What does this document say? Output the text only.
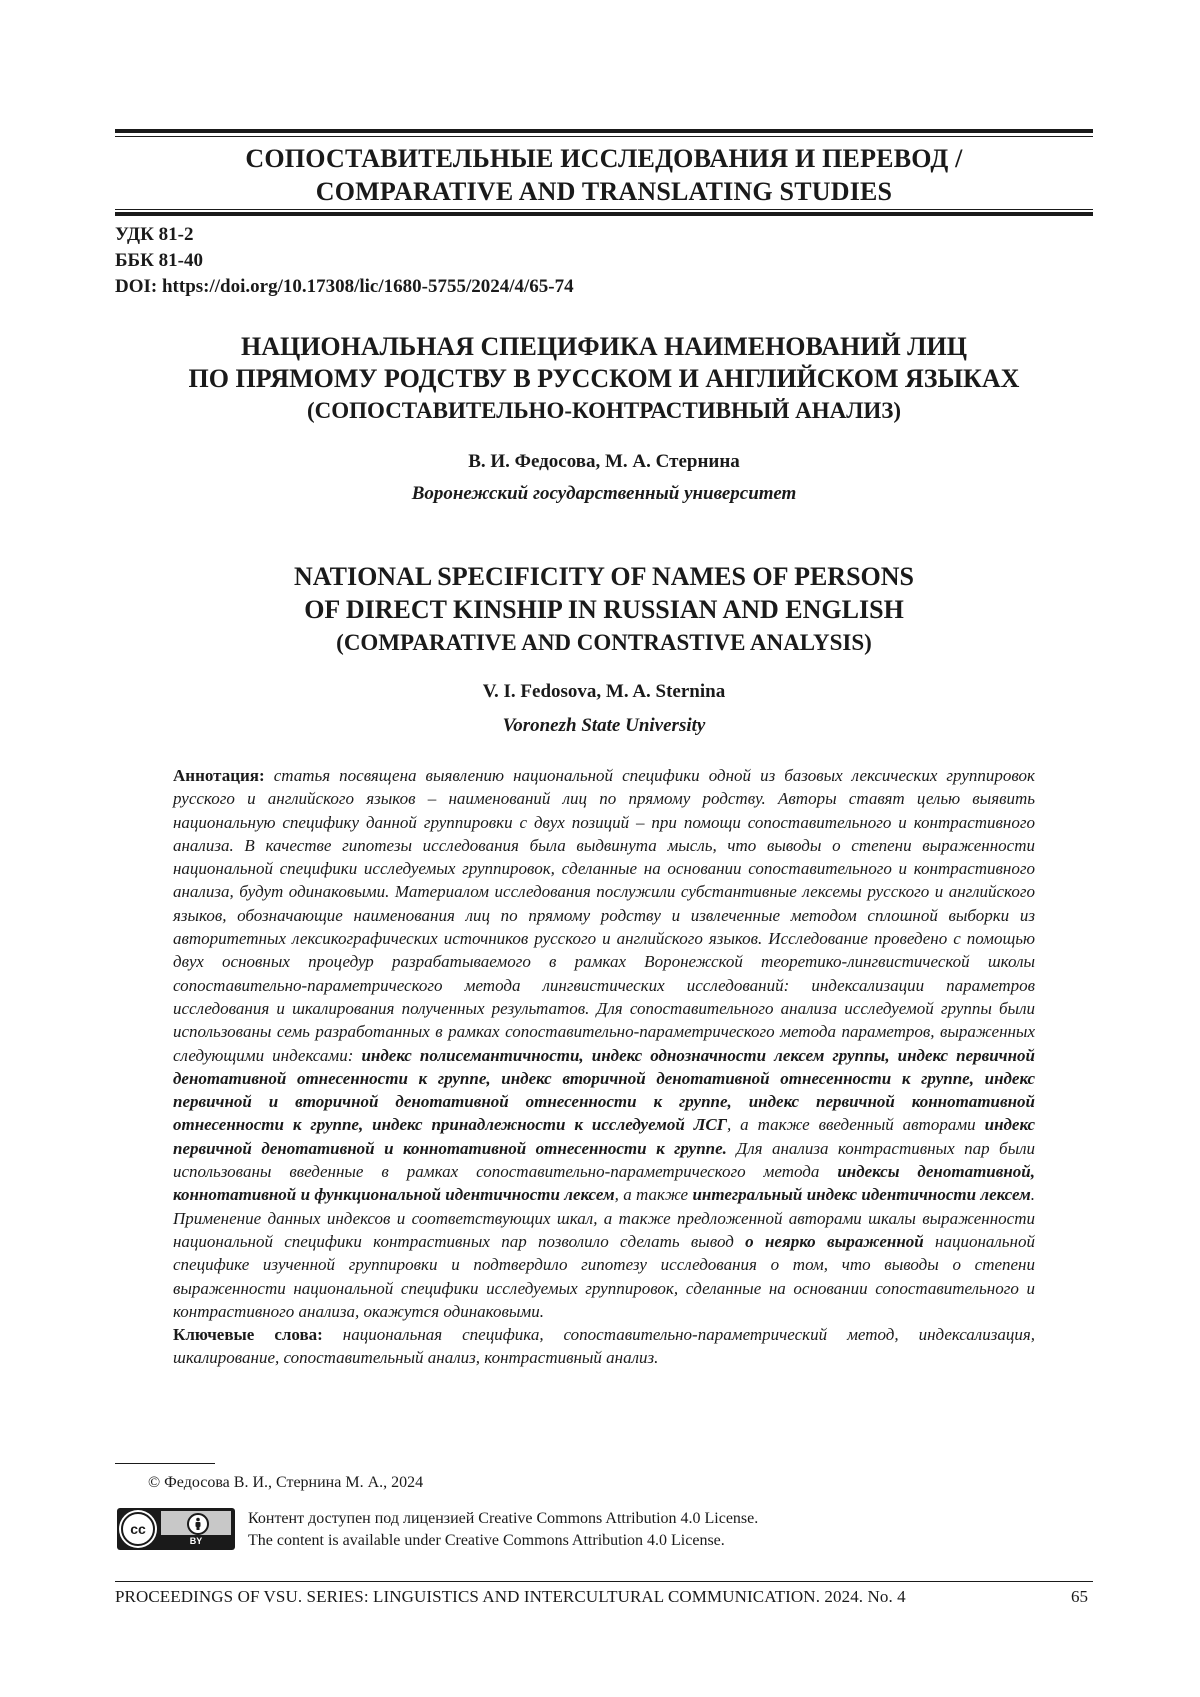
СОПОСТАВИТЕЛЬНЫЕ ИССЛЕДОВАНИЯ И ПЕРЕВОД /
COMPARATIVE AND TRANSLATING STUDIES
УДК 81-2
ББК 81-40
DOI: https://doi.org/10.17308/lic/1680-5755/2024/4/65-74
НАЦИОНАЛЬНАЯ СПЕЦИФИКА НАИМЕНОВАНИЙ ЛИЦ
ПО ПРЯМОМУ РОДСТВУ В РУССКОМ И АНГЛИЙСКОМ ЯЗЫКАХ
(СОПОСТАВИТЕЛЬНО-КОНТРАСТИВНЫЙ АНАЛИЗ)
В. И. Федосова, М. А. Стернина
Воронежский государственный университет
NATIONAL SPECIFICITY OF NAMES OF PERSONS
OF DIRECT KINSHIP IN RUSSIAN AND ENGLISH
(COMPARATIVE AND CONTRASTIVE ANALYSIS)
V. I. Fedosova, M. A. Sternina
Voronezh State University
Аннотация: статья посвящена выявлению национальной специфики одной из базовых лексических группировок русского и английского языков – наименований лиц по прямому родству. Авторы ставят целью выявить национальную специфику данной группировки с двух позиций – при помощи сопоставительного и контрастивного анализа. В качестве гипотезы исследования была выдвинута мысль, что выводы о степени выраженности национальной специфики исследуемых группировок, сделанные на основании сопоставительного и контрастивного анализа, будут одинаковыми. Материалом исследования послужили субстантивные лексемы русского и английского языков, обозначающие наименования лиц по прямому родству и извлеченные методом сплошной выборки из авторитетных лексикографических источников русского и английского языков. Исследование проведено с помощью двух основных процедур разрабатываемого в рамках Воронежской теоретико-лингвистической школы сопоставительно-параметрического метода лингвистических исследований: индексализации параметров исследования и шкалирования полученных результатов. Для сопоставительного анализа исследуемой группы были использованы семь разработанных в рамках сопоставительно-параметрического метода параметров, выраженных следующими индексами: индекс полисемантичности, индекс однозначности лексем группы, индекс первичной денотативной отнесенности к группе, индекс вторичной денотативной отнесенности к группе, индекс первичной и вторичной денотативной отнесенности к группе, индекс первичной коннотативной отнесенности к группе, индекс принадлежности к исследуемой ЛСГ, а также введенный авторами индекс первичной денотативной и коннотативной отнесенности к группе. Для анализа контрастивных пар были использованы введенные в рамках сопоставительно-параметрического метода индексы денотативной, коннотативной и функциональной идентичности лексем, а также интегральный индекс идентичности лексем. Применение данных индексов и соответствующих шкал, а также предложенной авторами шкалы выраженности национальной специфики контрастивных пар позволило сделать вывод о неярко выраженной национальной специфике изученной группировки и подтвердило гипотезу исследования о том, что выводы о степени выраженности национальной специфики исследуемых группировок, сделанные на основании сопоставительного и контрастивного анализа, окажутся одинаковыми.
Ключевые слова: национальная специфика, сопоставительно-параметрический метод, индексализация, шкалирование, сопоставительный анализ, контрастивный анализ.
© Федосова В. И., Стернина М. А., 2024
cc
BY
Контент доступен под лицензией Creative Commons Attribution 4.0 License.
The content is available under Creative Commons Attribution 4.0 License.
PROCEEDINGS OF VSU. SERIES: LINGUISTICS AND INTERCULTURAL COMMUNICATION. 2024. No. 4	65
